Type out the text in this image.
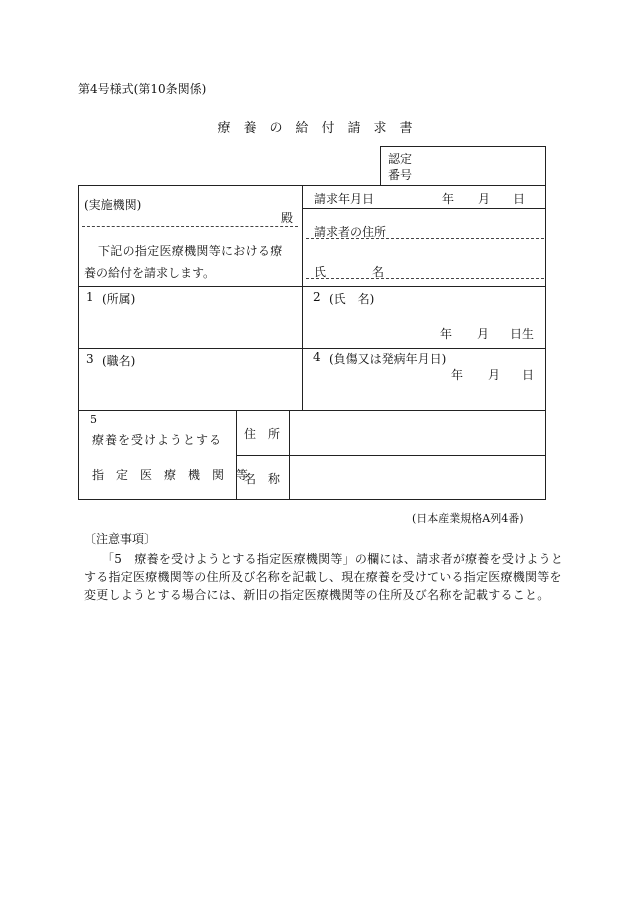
第4号様式(第10条関係)
療　養　の　給　付　請　求　書
認定
番号
(実施機関)
殿
下記の指定医療機関等における療
養の給付を請求します。
請求年月日	年 月 日
請求者の住所
氏	名
1 (所属)	2 (氏　名)
年 月 日生
3 (職名)	4 (負傷又は発病年月日)
年 月 日
5
療養を受けようとする
指　定　医　療　機　関　等
住　所
名　称
(日本産業規格A列4番)
〔注意事項〕
「5　療養を受けようとする指定医療機関等」の欄には、請求者が療養を受けようと
する指定医療機関等の住所及び名称を記載し、現在療養を受けている指定医療機関等を
変更しようとする場合には、新旧の指定医療機関等の住所及び名称を記載すること。
